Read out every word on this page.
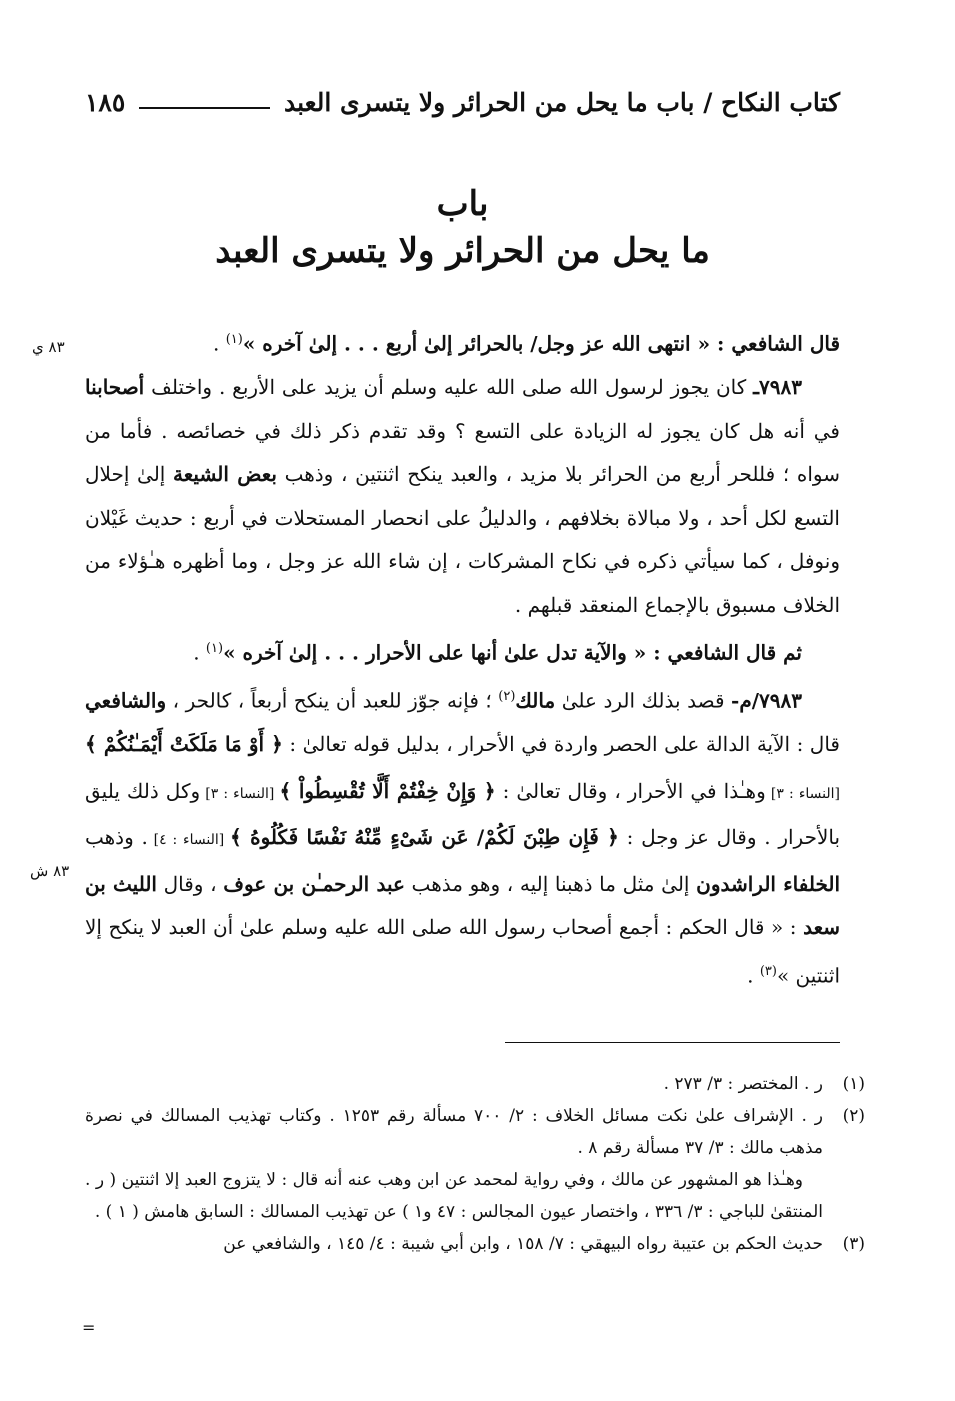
كتاب النكاح / باب ما يحل من الحرائر ولا يتسرى العبد
١٨٥
باب
ما يحل من الحرائر ولا يتسرى العبد
٨٣ ي
٨٣ ش

قال الشافعي : « انتهى الله عز وجل/ بالحرائر إلىٰ أربع . . . إلىٰ آخره »$^{(١)}$ .

٧٩٨٣ـ كان يجوز لرسول الله صلى الله عليه وسلم أن يزيد على الأربع . واختلف أصحابنا في أنه هل كان يجوز له الزيادة على التسع ؟ وقد تقدم ذكر ذلك في خصائصه . فأما من سواه ؛ فللحر أربع من الحرائر بلا مزيد ، والعبد ينكح اثنتين ، وذهب بعض الشيعة إلىٰ إحلال التسع لكل أحد ، ولا مبالاة بخلافهم ، والدليلُ على انحصار المستحلات في أربع : حديث غَيْلان ونوفل ، كما سيأتي ذكره في نكاح المشركات ، إن شاء الله عز وجل ، وما أظهره هـٰؤلاء من الخلاف مسبوق بالإجماع المنعقد قبلهم .

ثم قال الشافعي : « والآية تدل علىٰ أنها على الأحرار . . . إلىٰ آخره »$^{(١)}$ .

٧٩٨٣/م- قصد بذلك الرد علىٰ مالك$^{(٢)}$ ؛ فإنه جوّز للعبد أن ينكح أربعاً ، كالحر ، والشافعي قال : الآية الدالة على الحصر واردة في الأحرار ، بدليل قوله تعالىٰ : ﴿ أَوْ مَا مَلَكَتْ أَيْمَـٰنُكُمْ ﴾ [النساء : ٣] وهـٰذا في الأحرار ، وقال تعالىٰ : ﴿ وَإِنْ خِفْتُمْ أَلَّا تُقْسِطُواْ ﴾ [النساء : ٣] وكل ذلك يليق بالأحرار . وقال عز وجل : ﴿ فَإِن طِبْنَ لَكُمْ/ عَن شَىْءٍ مِّنْهُ نَفْسًا فَكُلُوهُ ﴾ [النساء : ٤] . وذهب الخلفاء الراشدون إلىٰ مثل ما ذهبنا إليه ، وهو مذهب عبد الرحمـٰن بن عوف ، وقال الليث بن سعد : « قال الحكم : أجمع أصحاب رسول الله صلى الله عليه وسلم علىٰ أن العبد لا ينكح إلا اثنتين »$^{(٣)}$ .

(١)
ر . المختصر : ٣/ ٢٧٣ .
(٢)
ر . الإشراف علىٰ نكت مسائل الخلاف : ٢/ ٧٠٠ مسألة رقم ١٢٥٣ . وكتاب تهذيب المسالك في نصرة مذهب مالك : ٣/ ٣٧ مسألة رقم ٨ .
وهـٰذا هو المشهور عن مالك ، وفي رواية لمحمد عن ابن وهب عنه أنه قال : لا يتزوج العبد إلا اثنتين ( ر . المنتقىٰ للباجي : ٣/ ٣٣٦ ، واختصار عيون المجالس : ٤٧ و١ ) عن تهذيب المسالك : السابق هامش ( ١ ) .
(٣)
حديث الحكم بن عتيبة رواه البيهقي : ٧/ ١٥٨ ، وابن أبي شيبة : ٤/ ١٤٥ ، والشافعي عن
=
